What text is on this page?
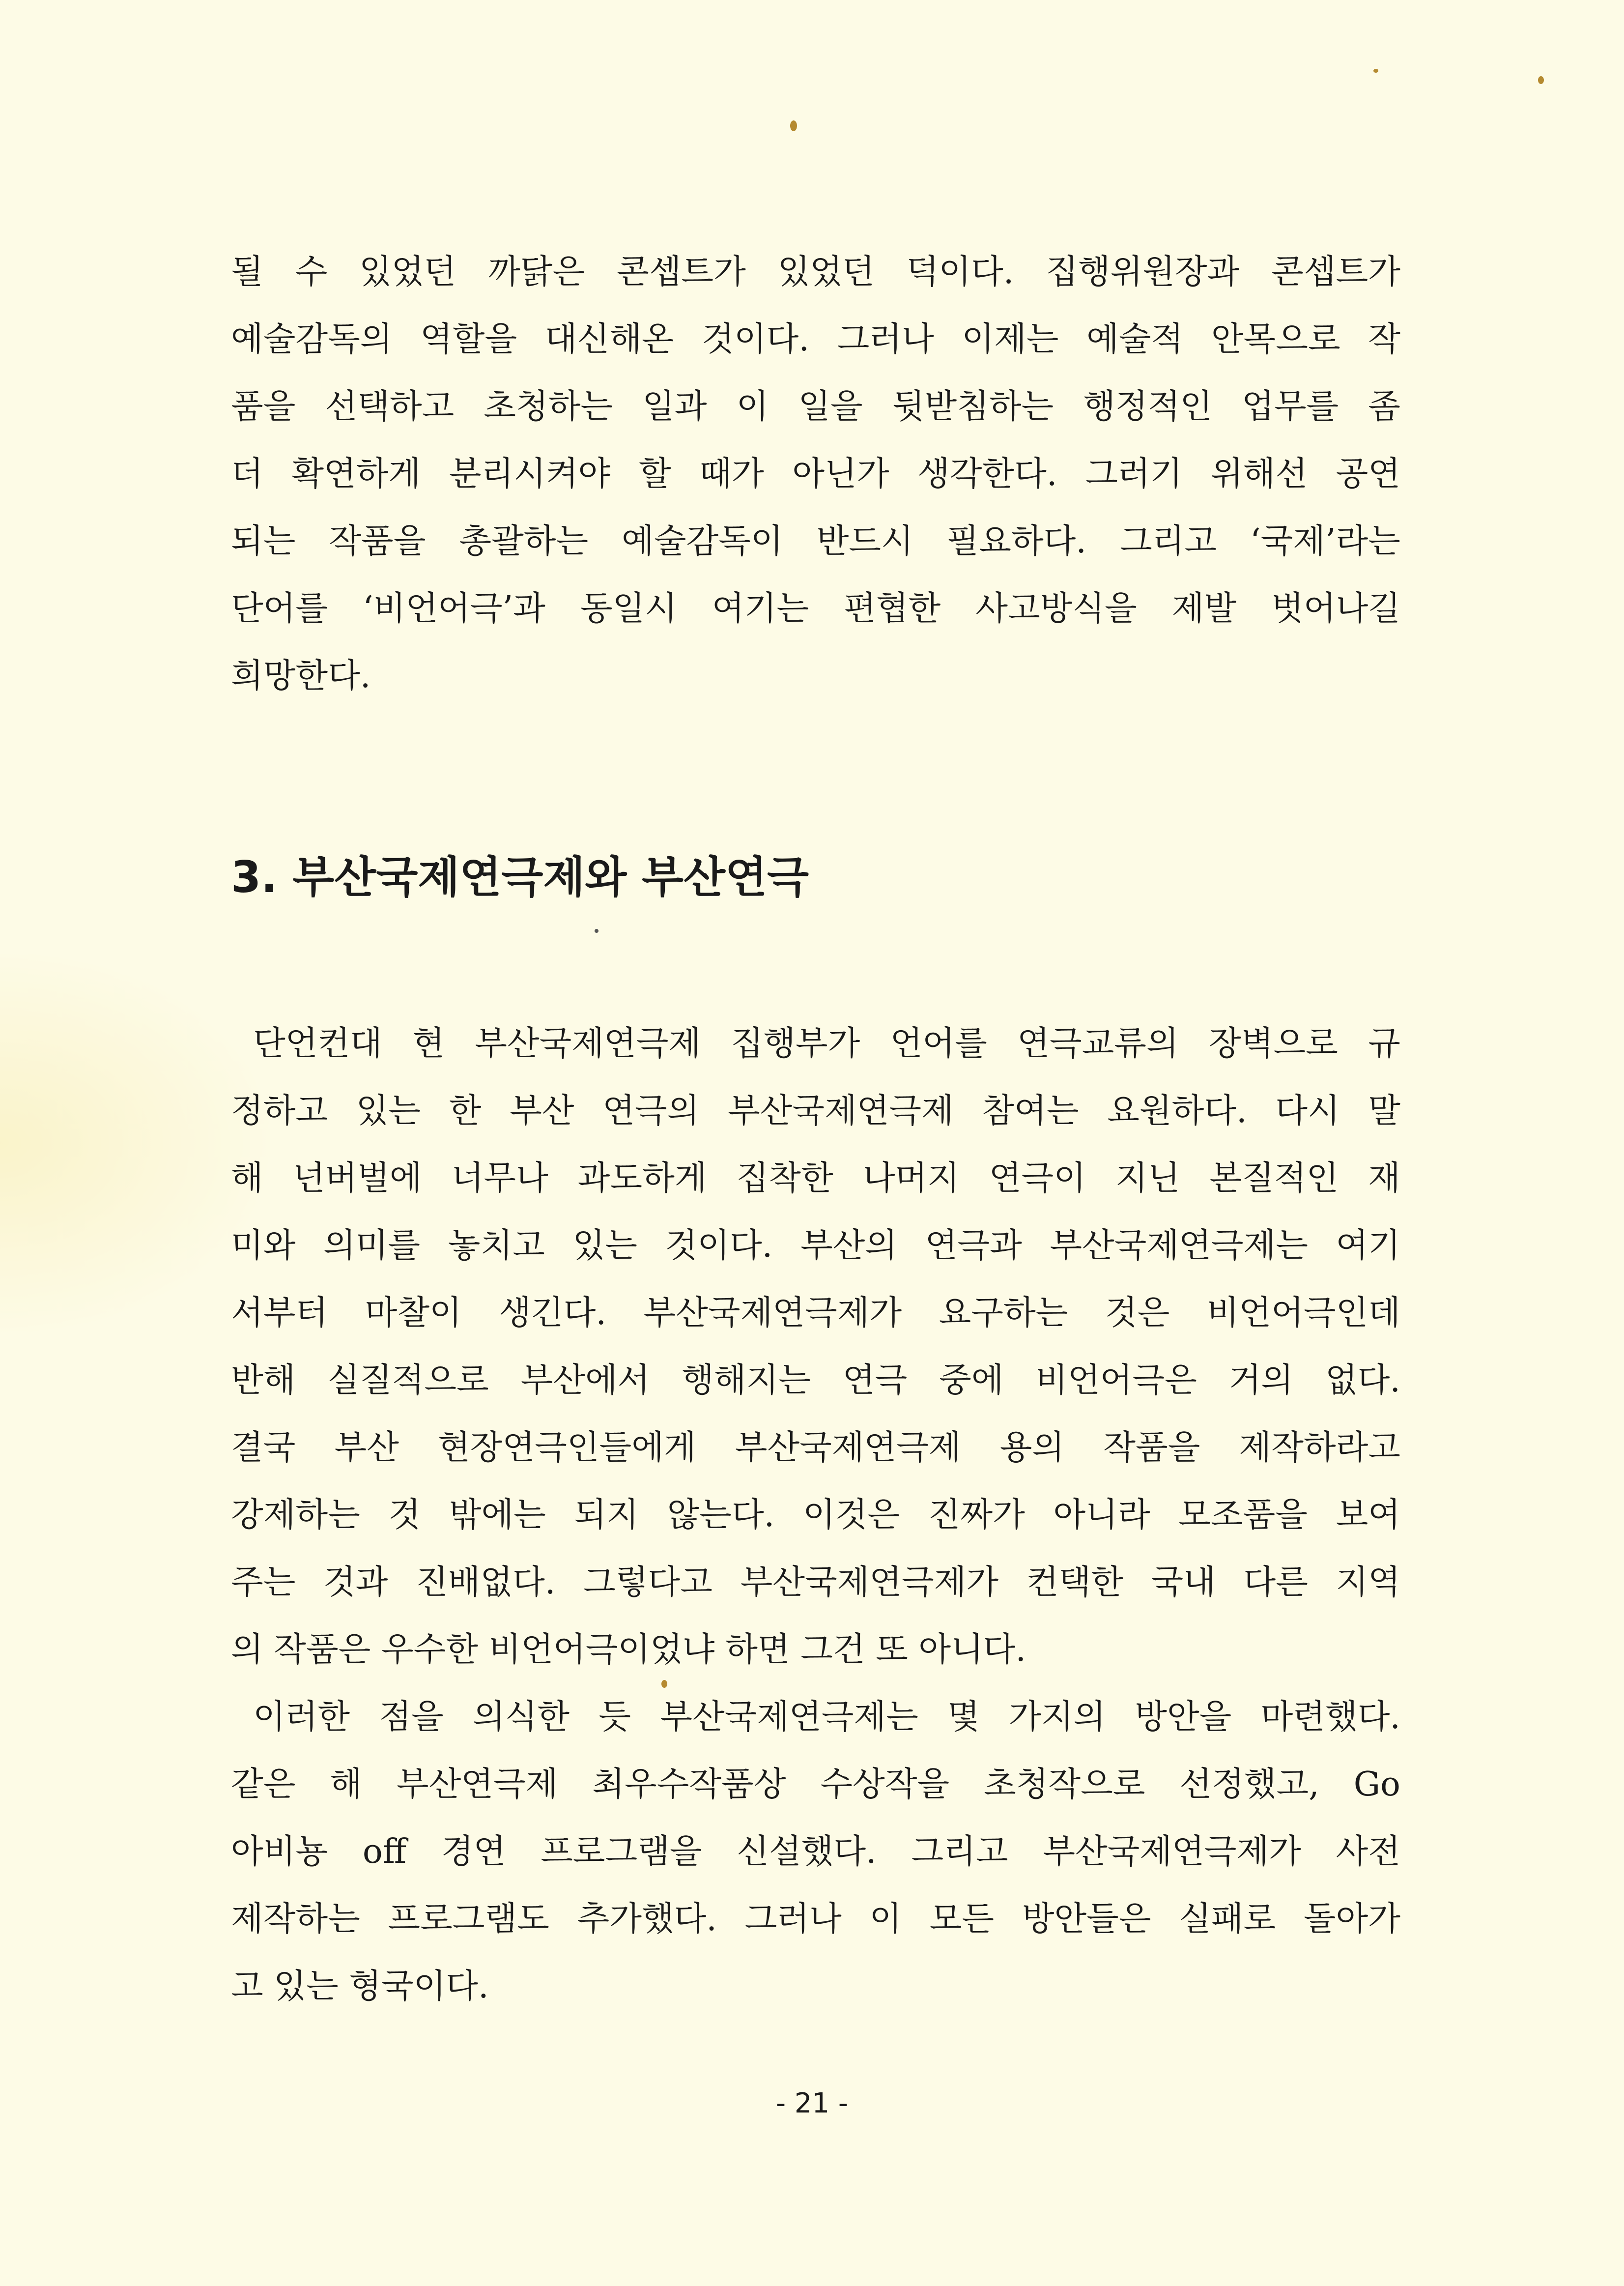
될 수 있었던 까닭은 콘셉트가 있었던 덕이다. 집행위원장과 콘셉트가
예술감독의 역할을 대신해온 것이다. 그러나 이제는 예술적 안목으로 작
품을 선택하고 초청하는 일과 이 일을 뒷받침하는 행정적인 업무를 좀
더 확연하게 분리시켜야 할 때가 아닌가 생각한다. 그러기 위해선 공연
되는 작품을 총괄하는 예술감독이 반드시 필요하다. 그리고 ‘국제’라는
단어를 ‘비언어극’과 동일시 여기는 편협한 사고방식을 제발 벗어나길
희망한다.
3. 부산국제연극제와 부산연극
단언컨대 현 부산국제연극제 집행부가 언어를 연극교류의 장벽으로 규
정하고 있는 한 부산 연극의 부산국제연극제 참여는 요원하다. 다시 말
해 넌버벌에 너무나 과도하게 집착한 나머지 연극이 지닌 본질적인 재
미와 의미를 놓치고 있는 것이다. 부산의 연극과 부산국제연극제는 여기
서부터 마찰이 생긴다. 부산국제연극제가 요구하는 것은 비언어극인데
반해 실질적으로 부산에서 행해지는 연극 중에 비언어극은 거의 없다.
결국 부산 현장연극인들에게 부산국제연극제 용의 작품을 제작하라고
강제하는 것 밖에는 되지 않는다. 이것은 진짜가 아니라 모조품을 보여
주는 것과 진배없다. 그렇다고 부산국제연극제가 컨택한 국내 다른 지역
의 작품은 우수한 비언어극이었냐 하면 그건 또 아니다.
이러한 점을 의식한 듯 부산국제연극제는 몇 가지의 방안을 마련했다.
같은 해 부산연극제 최우수작품상 수상작을 초청작으로 선정했고, Go
아비뇽 off 경연 프로그램을 신설했다. 그리고 부산국제연극제가 사전
제작하는 프로그램도 추가했다. 그러나 이 모든 방안들은 실패로 돌아가
고 있는 형국이다.
- 21 -
